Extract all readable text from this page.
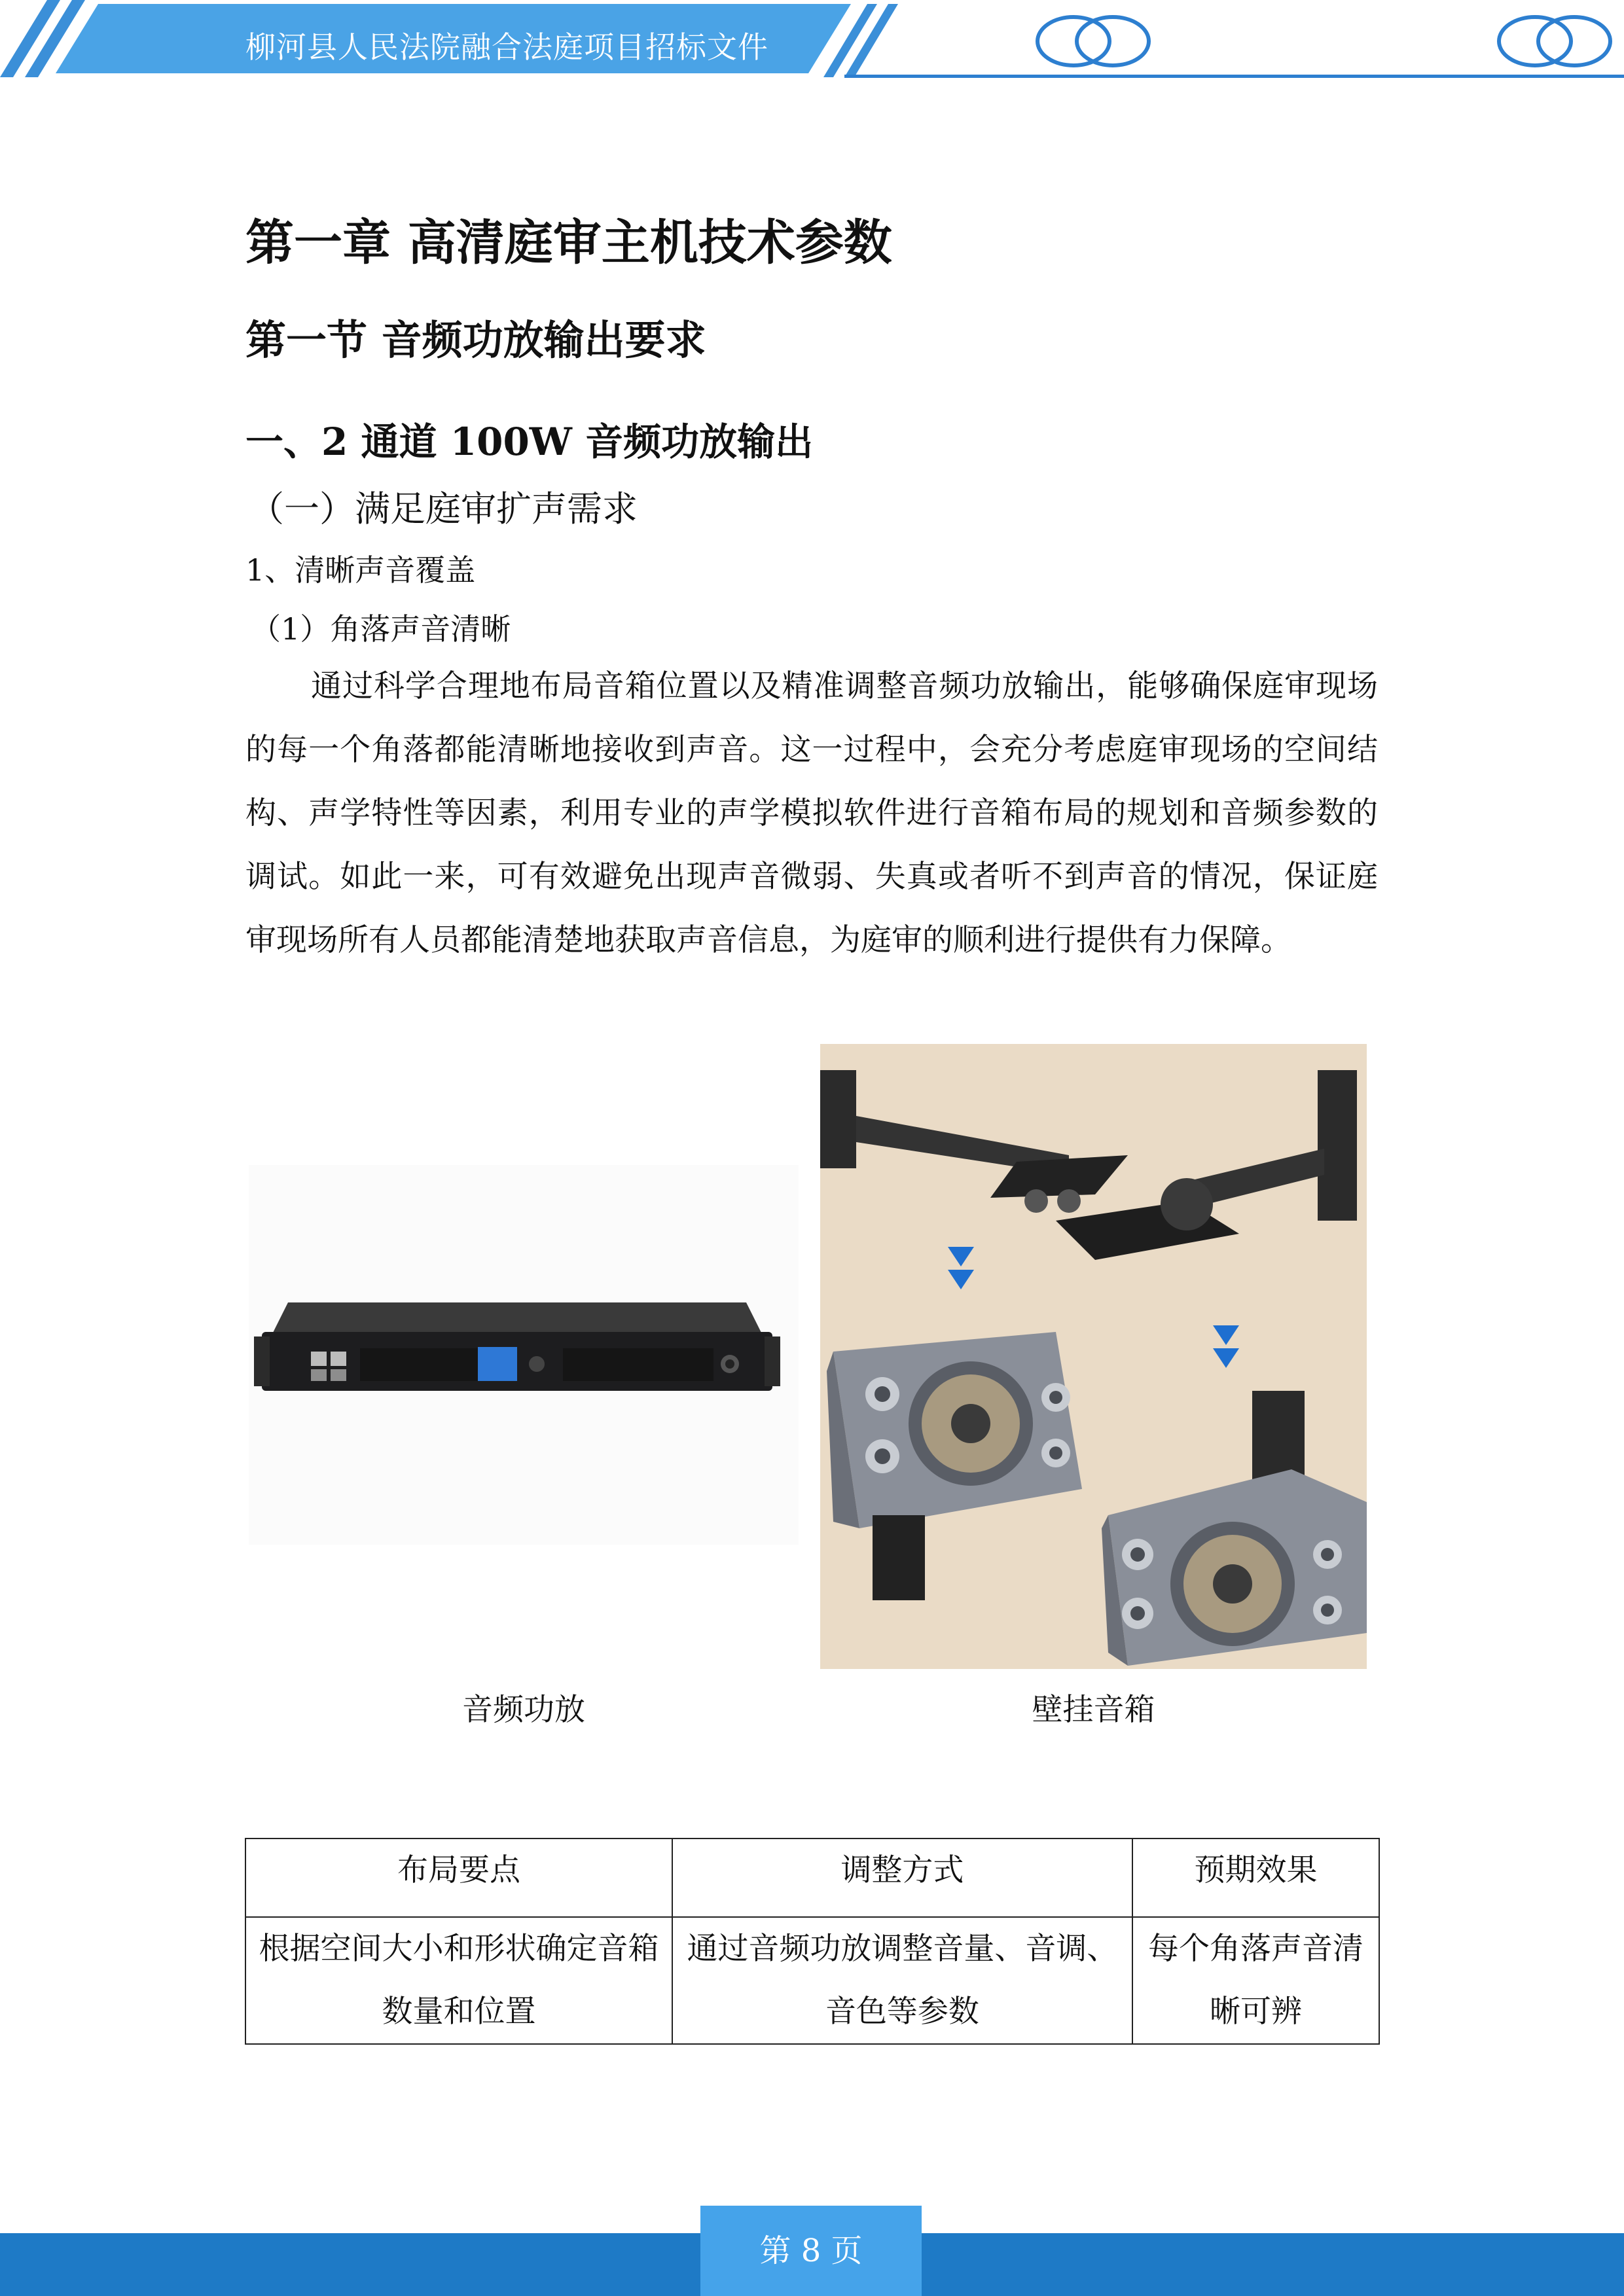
柳河县人民法院融合法庭项目招标文件
第一章 高清庭审主机技术参数
第一节 音频功放输出要求
一、2 通道 100W 音频功放输出
（一）满足庭审扩声需求
1、清晰声音覆盖
（1）角落声音清晰
通过科学合理地布局音箱位置以及精准调整音频功放输出，能够确保庭审现场的每一个角落都能清晰地接收到声音。这一过程中，会充分考虑庭审现场的空间结构、声学特性等因素，利用专业的声学模拟软件进行音箱布局的规划和音频参数的调试。如此一来，可有效避免出现声音微弱、失真或者听不到声音的情况，保证庭审现场所有人员都能清楚地获取声音信息，为庭审的顺利进行提供有力保障。
音频功放	壁挂音箱
布局要点	调整方式	预期效果
根据空间大小和形状确定音箱数量和位置	通过音频功放调整音量、音调、音色等参数	每个角落声音清晰可辨
第 8 页
